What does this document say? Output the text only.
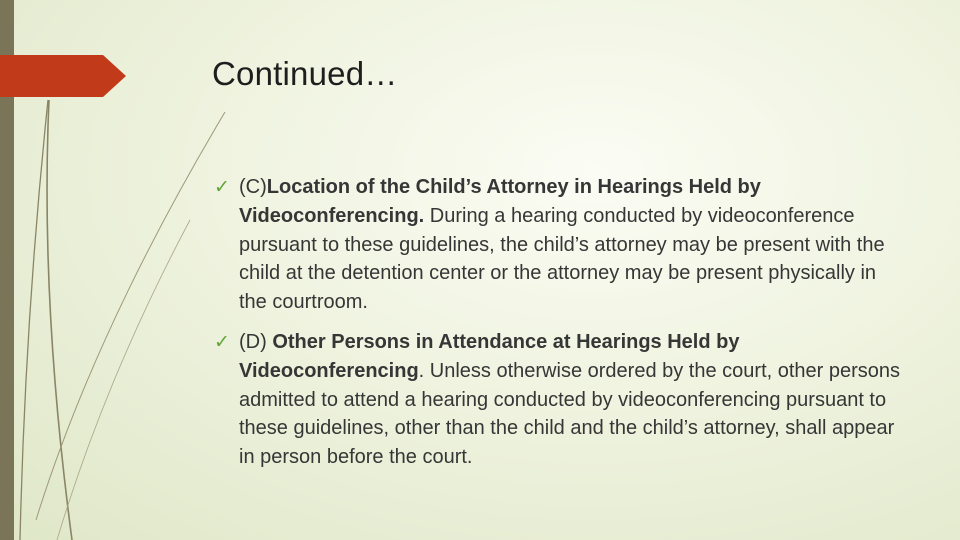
Continued…
✓ (C)Location of the Child’s Attorney in Hearings Held by Videoconferencing. During a hearing conducted by videoconference pursuant to these guidelines, the child’s attorney may be present with the child at the detention center or the attorney may be present physically in the courtroom.
✓ (D) Other Persons in Attendance at Hearings Held by Videoconferencing. Unless otherwise ordered by the court, other persons admitted to attend a hearing conducted by videoconferencing pursuant to these guidelines, other than the child and the child’s attorney, shall appear in person before the court.
